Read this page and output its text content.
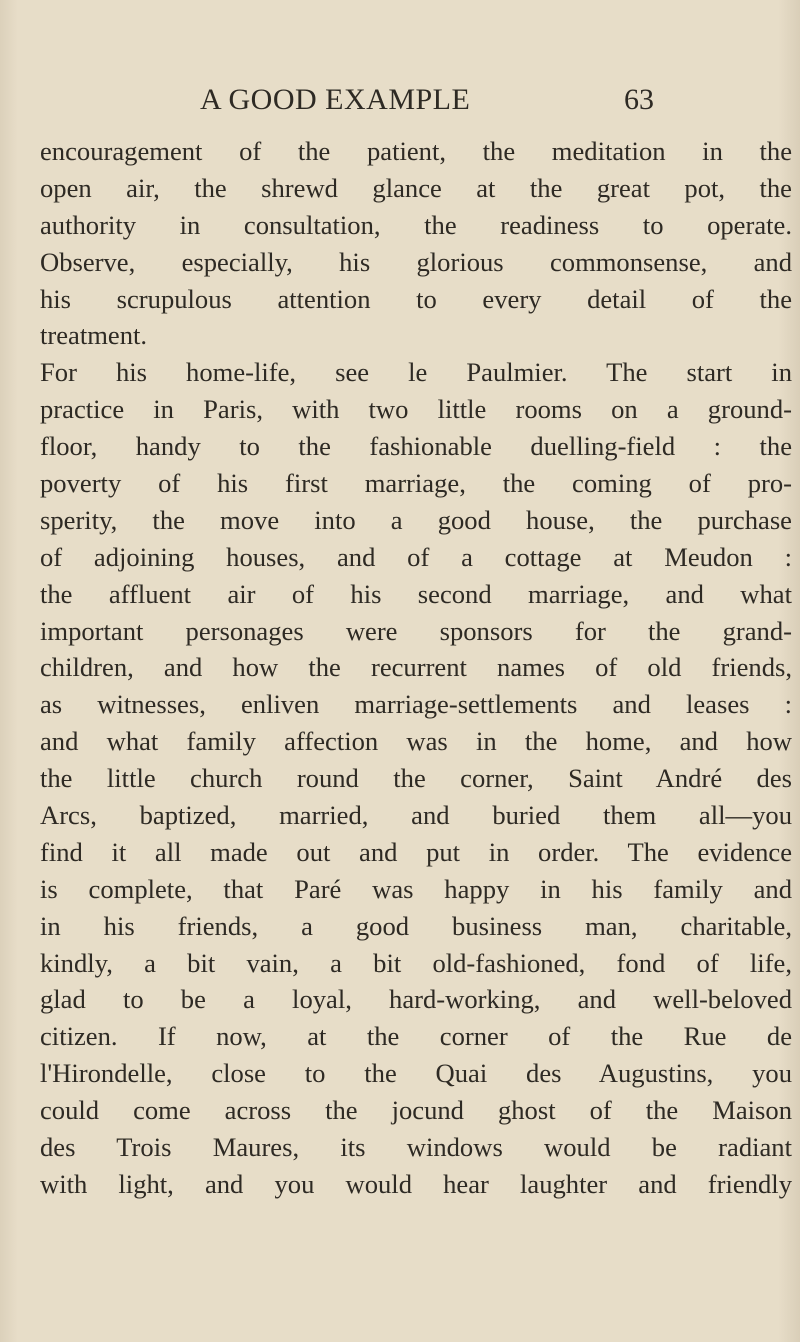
A GOOD EXAMPLE	63
encouragement of the patient, the meditation in the
open air, the shrewd glance at the great pot, the
authority in consultation, the readiness to operate.
Observe, especially, his glorious commonsense, and
his scrupulous attention to every detail of the
treatment.
For his home-life, see le Paulmier. The start in
practice in Paris, with two little rooms on a ground-
floor, handy to the fashionable duelling-field : the
poverty of his first marriage, the coming of pro-
sperity, the move into a good house, the purchase
of adjoining houses, and of a cottage at Meudon :
the affluent air of his second marriage, and what
important personages were sponsors for the grand-
children, and how the recurrent names of old friends,
as witnesses, enliven marriage-settlements and leases :
and what family affection was in the home, and how
the little church round the corner, Saint André des
Arcs, baptized, married, and buried them all—you
find it all made out and put in order. The evidence
is complete, that Paré was happy in his family and
in his friends, a good business man, charitable,
kindly, a bit vain, a bit old-fashioned, fond of life,
glad to be a loyal, hard-working, and well-beloved
citizen. If now, at the corner of the Rue de
l'Hirondelle, close to the Quai des Augustins, you
could come across the jocund ghost of the Maison
des Trois Maures, its windows would be radiant
with light, and you would hear laughter and friendly
